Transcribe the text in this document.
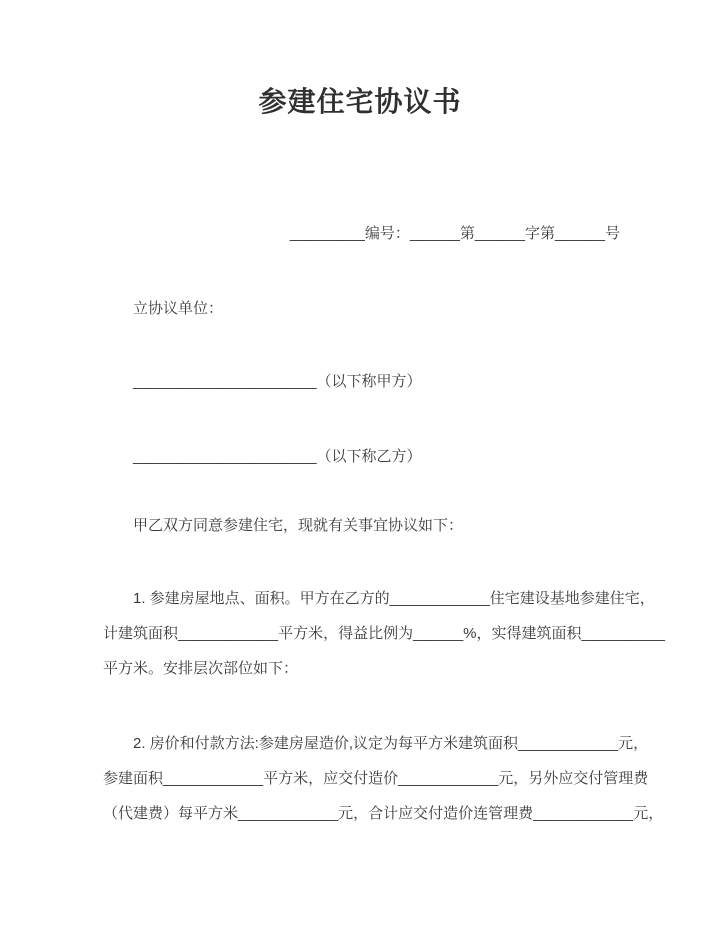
参建住宅协议书
_________编号：______第______字第______号
立协议单位：
______________________（以下称甲方）
______________________（以下称乙方）
甲乙双方同意参建住宅，现就有关事宜协议如下：
1. 参建房屋地点、面积。甲方在乙方的____________住宅建设基地参建住宅，
计建筑面积____________平方米，得益比例为______%，实得建筑面积__________
平方米。安排层次部位如下：
2. 房价和付款方法:参建房屋造价,议定为每平方米建筑面积____________元，
参建面积____________平方米，应交付造价____________元，另外应交付管理费
（代建费）每平方米____________元，合计应交付造价连管理费____________元，
